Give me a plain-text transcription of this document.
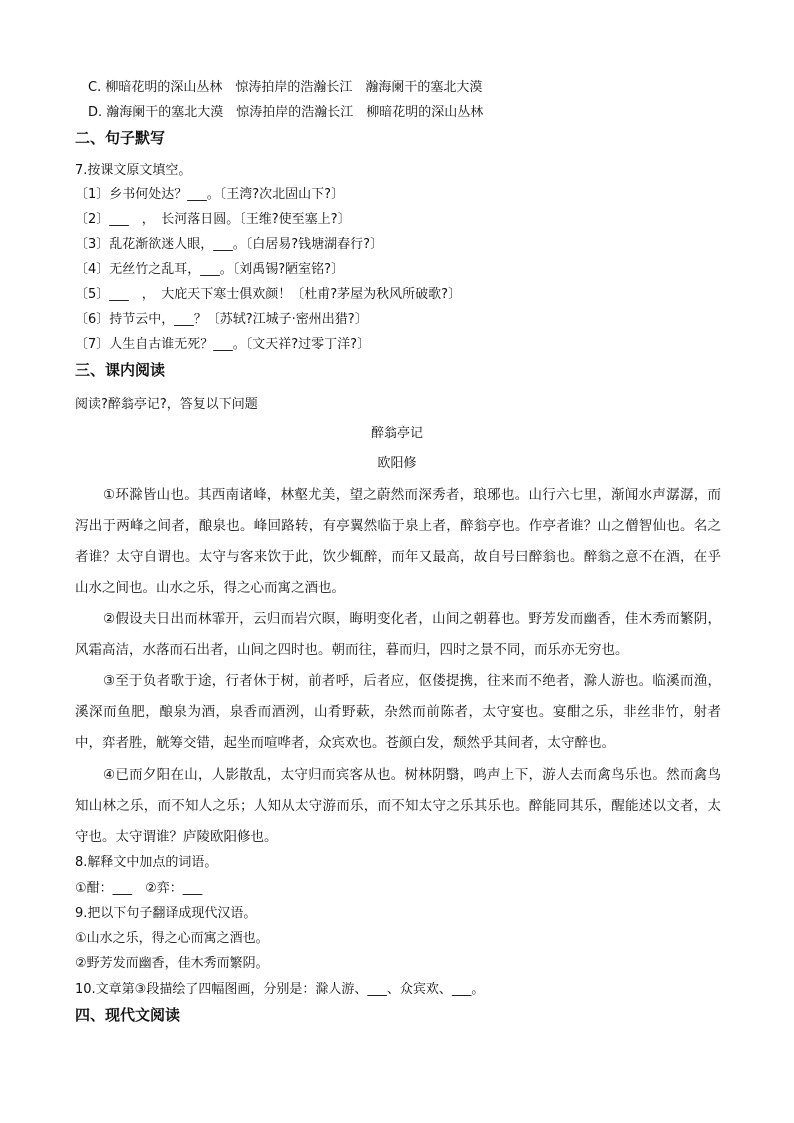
C. 柳暗花明的深山丛林　惊涛拍岸的浩瀚长江　瀚海阑干的塞北大漠
D. 瀚海阑干的塞北大漠　惊涛拍岸的浩瀚长江　柳暗花明的深山丛林
二、句子默写
7.按课文原文填空。
〔1〕乡书何处达？___。〔王湾?次北固山下?〕
〔2〕___　，　长河落日圆。〔王维?使至塞上?〕
〔3〕乱花渐欲迷人眼，___。〔白居易?钱塘湖春行?〕
〔4〕无丝竹之乱耳，___。〔刘禹锡?陋室铭?〕
〔5〕___　，　大庇天下寒士俱欢颜！〔杜甫?茅屋为秋风所破歌?〕
〔6〕持节云中，___？〔苏轼?江城子·密州出猎?〕
〔7〕人生自古谁无死？___。〔文天祥?过零丁洋?〕
三、课内阅读
阅读?醉翁亭记?，答复以下问题
醉翁亭记
欧阳修
①环滁皆山也。其西南诸峰，林壑尤美，望之蔚然而深秀者，琅琊也。山行六七里，渐闻水声潺潺，而泻出于两峰之间者，酿泉也。峰回路转，有亭翼然临于泉上者，醉翁亭也。作亭者谁？山之僧智仙也。名之者谁？太守自谓也。太守与客来饮于此，饮少辄醉，而年又最高，故自号曰醉翁也。醉翁之意不在酒，在乎山水之间也。山水之乐，得之心而寓之酒也。
②假设夫日出而林霏开，云归而岩穴暝，晦明变化者，山间之朝暮也。野芳发而幽香，佳木秀而繁阴，风霜高洁，水落而石出者，山间之四时也。朝而往，暮而归，四时之景不同，而乐亦无穷也。
③至于负者歌于途，行者休于树，前者呼，后者应，伛偻提携，往来而不绝者，滁人游也。临溪而渔，溪深而鱼肥，酿泉为酒，泉香而酒洌，山肴野蔌，杂然而前陈者，太守宴也。宴酣之乐，非丝非竹，射者中，弈者胜，觥筹交错，起坐而喧哗者，众宾欢也。苍颜白发，颓然乎其间者，太守醉也。
④已而夕阳在山，人影散乱，太守归而宾客从也。树林阴翳，鸣声上下，游人去而禽鸟乐也。然而禽鸟知山林之乐，而不知人之乐；人知从太守游而乐，而不知太守之乐其乐也。醉能同其乐，醒能述以文者，太守也。太守谓谁？庐陵欧阳修也。
8.解释文中加点的词语。
①酣：___　②弈：___
9.把以下句子翻译成现代汉语。
①山水之乐，得之心而寓之酒也。
②野芳发而幽香，佳木秀而繁阴。
10.文章第③段描绘了四幅图画，分别是：滁人游、___、众宾欢、___。
四、现代文阅读
